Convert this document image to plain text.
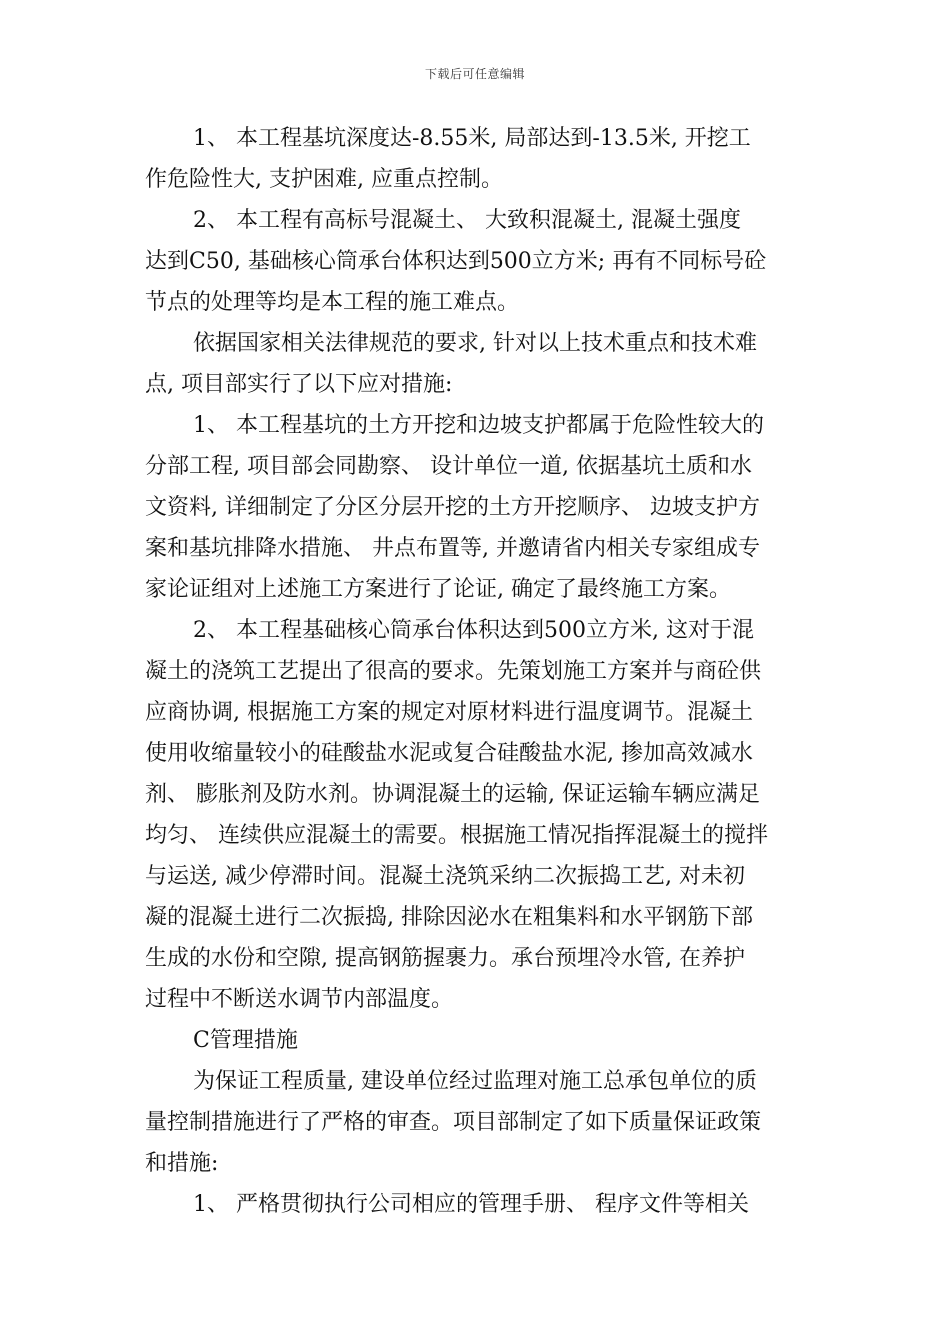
下载后可任意编辑
1、 本工程基坑深度达-8.55米, 局部达到-13.5米, 开挖工
作危险性大, 支护困难, 应重点控制。
2、 本工程有高标号混凝土、 大致积混凝土, 混凝土强度
达到C50, 基础核心筒承台体积达到500立方米; 再有不同标号砼
节点的处理等均是本工程的施工难点。
依据国家相关法律规范的要求, 针对以上技术重点和技术难
点, 项目部实行了以下应对措施:
1、 本工程基坑的土方开挖和边坡支护都属于危险性较大的
分部工程, 项目部会同勘察、 设计单位一道, 依据基坑土质和水
文资料, 详细制定了分区分层开挖的土方开挖顺序、 边坡支护方
案和基坑排降水措施、 井点布置等, 并邀请省内相关专家组成专
家论证组对上述施工方案进行了论证, 确定了最终施工方案。
2、 本工程基础核心筒承台体积达到500立方米, 这对于混
凝土的浇筑工艺提出了很高的要求。先策划施工方案并与商砼供
应商协调, 根据施工方案的规定对原材料进行温度调节。混凝土
使用收缩量较小的硅酸盐水泥或复合硅酸盐水泥, 掺加高效减水
剂、 膨胀剂及防水剂。协调混凝土的运输, 保证运输车辆应满足
均匀、 连续供应混凝土的需要。根据施工情况指挥混凝土的搅拌
与运送, 减少停滞时间。混凝土浇筑采纳二次振捣工艺, 对未初
凝的混凝土进行二次振捣, 排除因泌水在粗集料和水平钢筋下部
生成的水份和空隙, 提高钢筋握裹力。承台预埋冷水管, 在养护
过程中不断送水调节内部温度。
C管理措施
为保证工程质量, 建设单位经过监理对施工总承包单位的质
量控制措施进行了严格的审查。项目部制定了如下质量保证政策
和措施:
1、 严格贯彻执行公司相应的管理手册、 程序文件等相关
